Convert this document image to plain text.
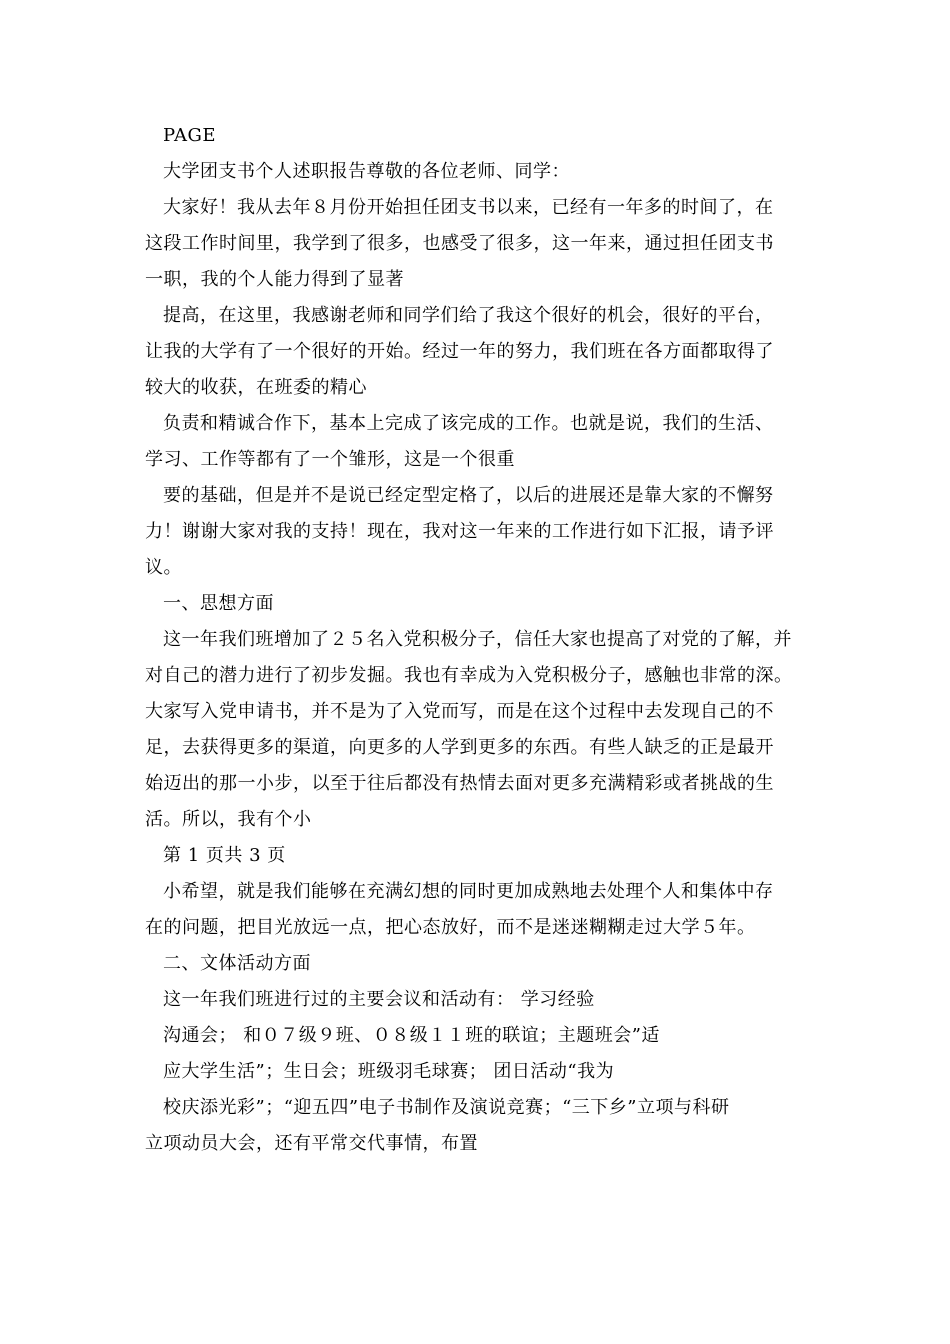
PAGE
大学团支书个人述职报告尊敬的各位老师、同学：
大家好！我从去年８月份开始担任团支书以来，已经有一年多的时间了，在
这段工作时间里，我学到了很多，也感受了很多，这一年来，通过担任团支书
一职，我的个人能力得到了显著
提高，在这里，我感谢老师和同学们给了我这个很好的机会，很好的平台，
让我的大学有了一个很好的开始。经过一年的努力，我们班在各方面都取得了
较大的收获，在班委的精心
负责和精诚合作下，基本上完成了该完成的工作。也就是说，我们的生活、
学习、工作等都有了一个雏形，这是一个很重
要的基础，但是并不是说已经定型定格了，以后的进展还是靠大家的不懈努
力！谢谢大家对我的支持！现在，我对这一年来的工作进行如下汇报，请予评
议。
一、思想方面
这一年我们班增加了２５名入党积极分子，信任大家也提高了对党的了解，并
对自己的潜力进行了初步发掘。我也有幸成为入党积极分子，感触也非常的深。
大家写入党申请书，并不是为了入党而写，而是在这个过程中去发现自己的不
足，去获得更多的渠道，向更多的人学到更多的东西。有些人缺乏的正是最开
始迈出的那一小步，以至于往后都没有热情去面对更多充满精彩或者挑战的生
活。所以，我有个小
第 1 页共 3 页
小希望，就是我们能够在充满幻想的同时更加成熟地去处理个人和集体中存
在的问题，把目光放远一点，把心态放好，而不是迷迷糊糊走过大学５年。
二、文体活动方面
这一年我们班进行过的主要会议和活动有： 学习经验
沟通会； 和０７级９班、０８级１１班的联谊；主题班会”适
应大学生活”；生日会；班级羽毛球赛； 团日活动“我为
校庆添光彩”；“迎五四”电子书制作及演说竞赛；“三下乡”立项与科研
立项动员大会，还有平常交代事情，布置
